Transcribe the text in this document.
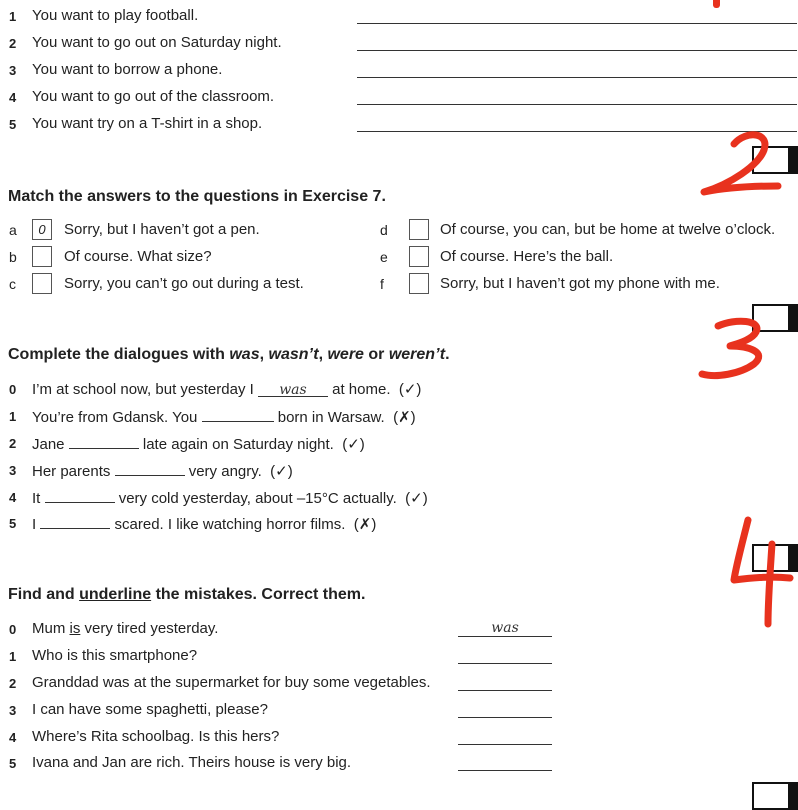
1 You want to play football.
2 You want to go out on Saturday night.
3 You want to borrow a phone.
4 You want to go out of the classroom.
5 You want try on a T-shirt in a shop.
Match the answers to the questions in Exercise 7.
a	0	Sorry, but I haven’t got a pen.
b	Of course. What size?
c	Sorry, you can’t go out during a test.
d	Of course, you can, but be home at twelve o’clock.
e	Of course. Here’s the ball.
f	Sorry, but I haven’t got my phone with me.
Complete the dialogues with was, wasn’t, were or weren’t.
0 I’m at school now, but yesterday I was at home. (✓)
1 You’re from Gdansk. You	born in Warsaw. (✗)
2 Jane	late again on Saturday night. (✓)
3 Her parents	very angry. (✓)
4 It	very cold yesterday, about –15°C actually. (✓)
5 I	scared. I like watching horror films. (✗)
Find and underline the mistakes. Correct them.
0 Mum is very tired yesterday.	was
1 Who is this smartphone?
2 Granddad was at the supermarket for buy some vegetables.
3 I can have some spaghetti, please?
4 Where’s Rita schoolbag. Is this hers?
5 Ivana and Jan are rich. Theirs house is very big.
